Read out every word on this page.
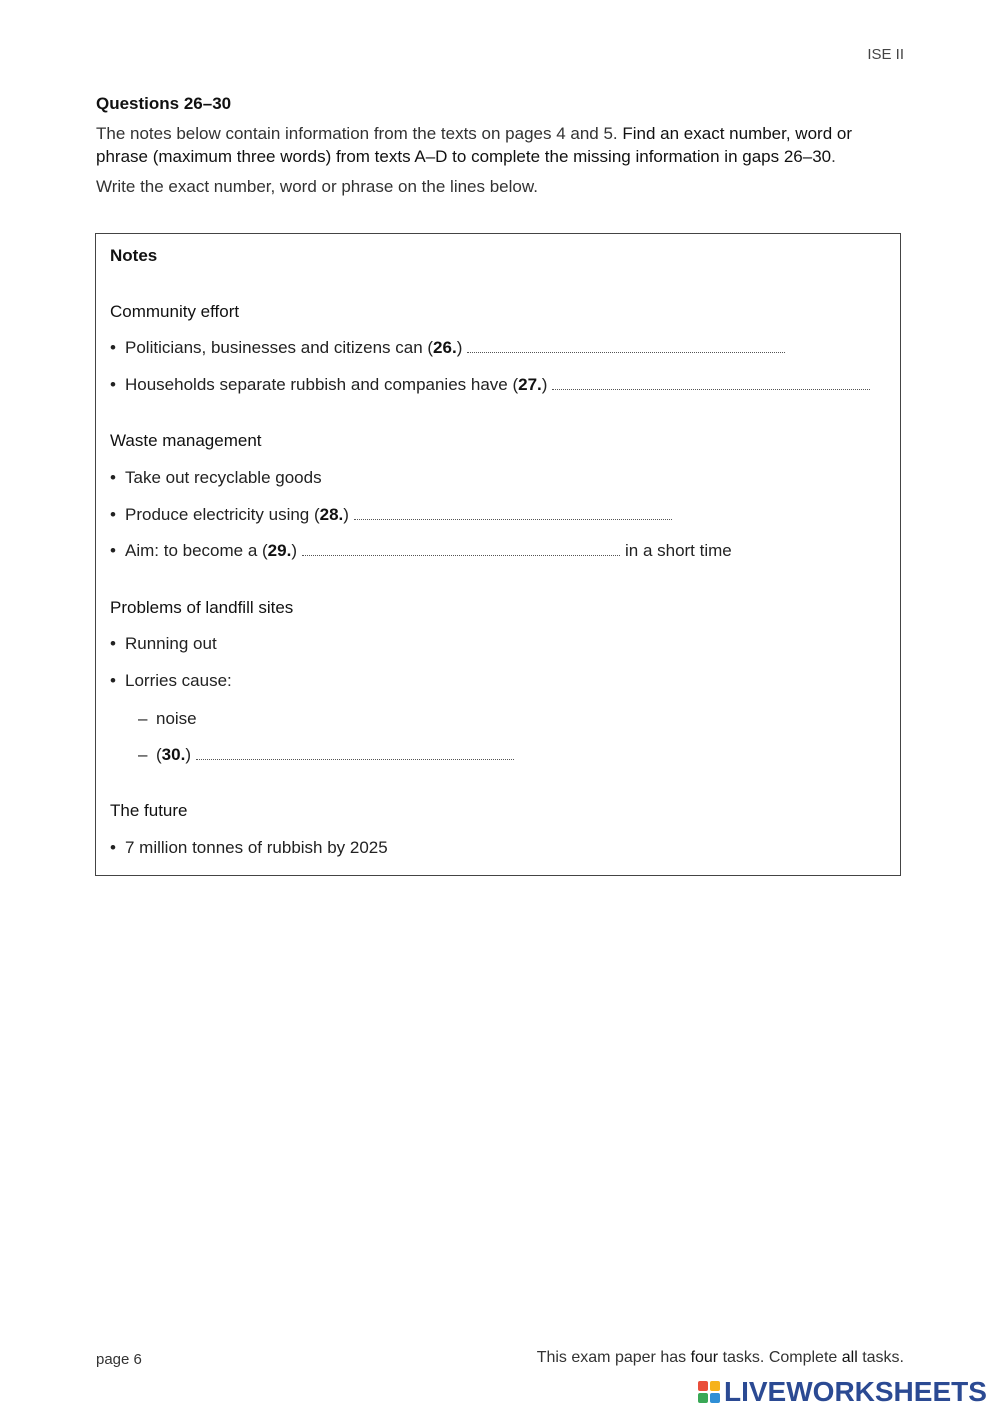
ISE II
Questions 26–30
The notes below contain information from the texts on pages 4 and 5. Find an exact number, word or phrase (maximum three words) from texts A–D to complete the missing information in gaps 26–30.
Write the exact number, word or phrase on the lines below.
Notes
Community effort
• Politicians, businesses and citizens can (26.)
• Households separate rubbish and companies have (27.)
Waste management
• Take out recyclable goods
• Produce electricity using (28.)
• Aim: to become a (29.)	in a short time
Problems of landfill sites
• Running out
• Lorries cause:
– noise
– (30.)
The future
• 7 million tonnes of rubbish by 2025
page 6	This exam paper has four tasks. Complete all tasks.
LIVEWORKSHEETS
